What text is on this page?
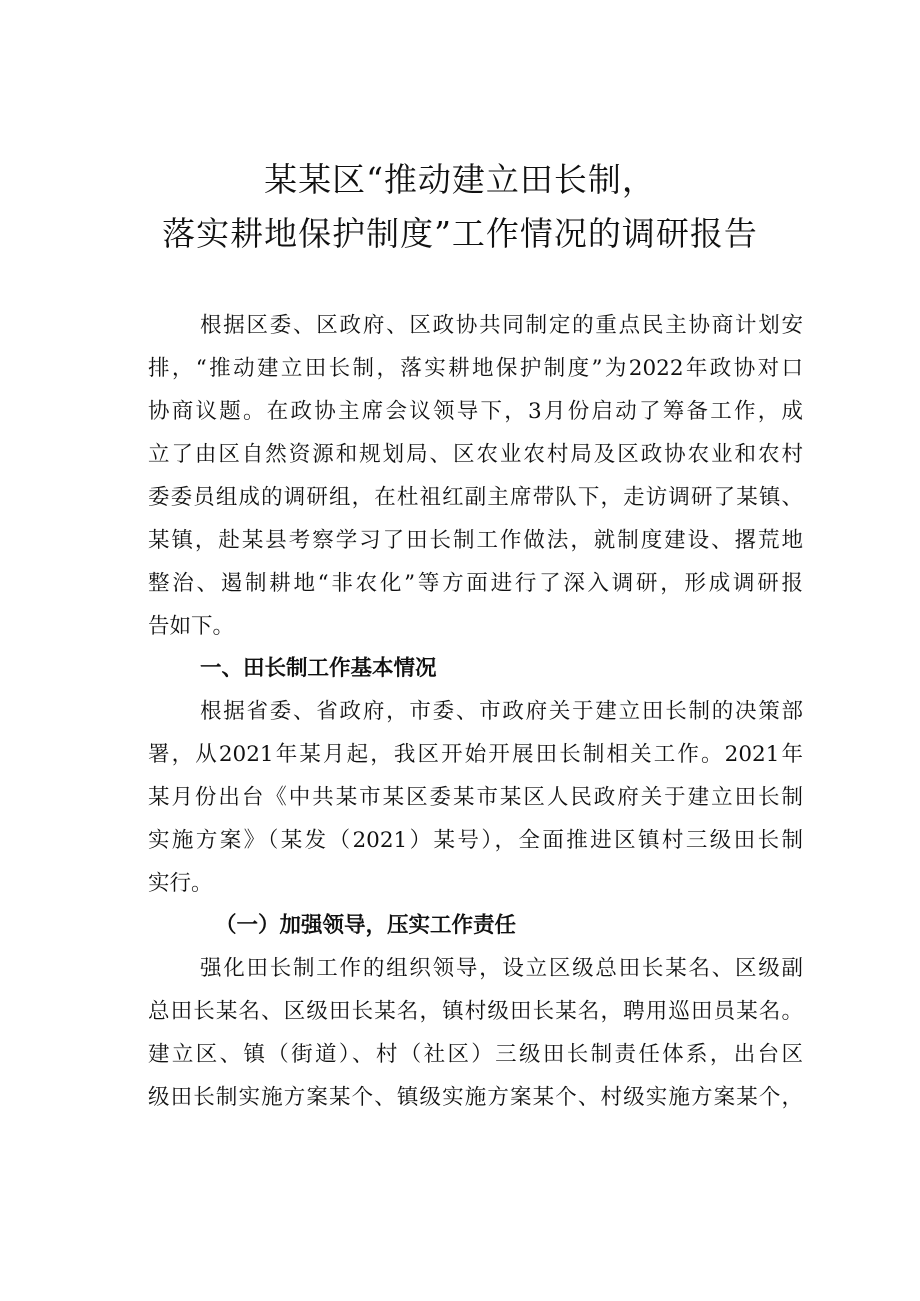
某某区“推动建立田长制，
落实耕地保护制度”工作情况的调研报告

根据区委、区政府、区政协共同制定的重点民主协商计划安

排，“推动建立田长制，落实耕地保护制度”为2022年政协对口

协商议题。在政协主席会议领导下，3月份启动了筹备工作，成

立了由区自然资源和规划局、区农业农村局及区政协农业和农村

委委员组成的调研组，在杜祖红副主席带队下，走访调研了某镇、

某镇，赴某县考察学习了田长制工作做法，就制度建设、撂荒地

整治、遏制耕地“非农化”等方面进行了深入调研，形成调研报

告如下。

一、田长制工作基本情况

根据省委、省政府，市委、市政府关于建立田长制的决策部

署，从2021年某月起，我区开始开展田长制相关工作。2021年

某月份出台《中共某市某区委某市某区人民政府关于建立田长制

实施方案》（某发（2021）某号），全面推进区镇村三级田长制

实行。

（一）加强领导，压实工作责任

强化田长制工作的组织领导，设立区级总田长某名、区级副

总田长某名、区级田长某名，镇村级田长某名，聘用巡田员某名。

建立区、镇（街道）、村（社区）三级田长制责任体系，出台区

级田长制实施方案某个、镇级实施方案某个、村级实施方案某个，
